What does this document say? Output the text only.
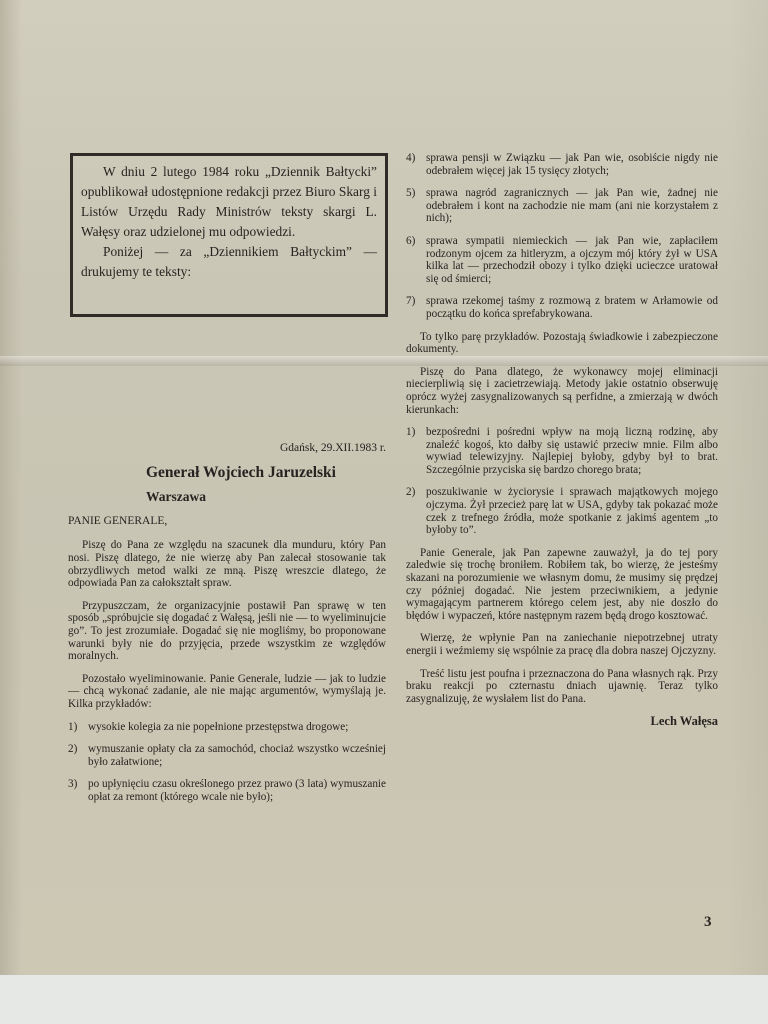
W dniu 2 lutego 1984 roku „Dziennik Bałtycki” opublikował udostępnione redakcji przez Biuro Skarg i Listów Urzędu Rady Ministrów teksty skargi L. Wałęsy oraz udzielonej mu odpowiedzi.

Poniżej — za „Dziennikiem Bałtyckim” — drukujemy te teksty:

Gdańsk, 29.XII.1983 r.

Generał Wojciech Jaruzelski

Warszawa

PANIE GENERALE,

Piszę do Pana ze względu na szacunek dla munduru, który Pan nosi. Piszę dlatego, że nie wierzę aby Pan zalecał stosowanie tak obrzydliwych metod walki ze mną. Piszę wreszcie dlatego, że odpowiada Pan za całokształt spraw.

Przypuszczam, że organizacyjnie postawił Pan sprawę w ten sposób „spróbujcie się dogadać z Wałęsą, jeśli nie — to wyeliminujcie go”. To jest zrozumiałe. Dogadać się nie mogliśmy, bo proponowane warunki były nie do przyjęcia, przede wszystkim ze względów moralnych.

Pozostało wyeliminowanie. Panie Generale, ludzie — jak to ludzie — chcą wykonać zadanie, ale nie mając argumentów, wymyślają je. Kilka przykładów:

1) wysokie kolegia za nie popełnione przestępstwa drogowe;
2) wymuszanie opłaty cła za samochód, chociaż wszystko wcześniej było załatwione;
3) po upłynięciu czasu określonego przez prawo (3 lata) wymuszanie opłat za remont (którego wcale nie było);
4) sprawa pensji w Związku — jak Pan wie, osobiście nigdy nie odebrałem więcej jak 15 tysięcy złotych;
5) sprawa nagród zagranicznych — jak Pan wie, żadnej nie odebrałem i kont na zachodzie nie mam (ani nie korzystałem z nich);
6) sprawa sympatii niemieckich — jak Pan wie, zapłaciłem rodzonym ojcem za hitleryzm, a ojczym mój który żył w USA kilka lat — przechodził obozy i tylko dzięki ucieczce uratował się od śmierci;
7) sprawa rzekomej taśmy z rozmową z bratem w Arłamowie od początku do końca sprefabrykowana.

To tylko parę przykładów. Pozostają świadkowie i zabezpieczone dokumenty.

Piszę do Pana dlatego, że wykonawcy mojej eliminacji niecierpliwią się i zacietrzewiają. Metody jakie ostatnio obserwuję oprócz wyżej zasygnalizowanych są perfidne, a zmierzają w dwóch kierunkach:

1) bezpośredni i pośredni wpływ na moją liczną rodzinę, aby znaleźć kogoś, kto dałby się ustawić przeciw mnie. Film albo wywiad telewizyjny. Najlepiej byłoby, gdyby był to brat. Szczególnie przyciska się bardzo chorego brata;
2) poszukiwanie w życiorysie i sprawach majątkowych mojego ojczyma. Żył przecież parę lat w USA, gdyby tak pokazać może czek z trefnego źródła, może spotkanie z jakimś agentem „to byłoby to”.

Panie Generale, jak Pan zapewne zauważył, ja do tej pory zaledwie się trochę broniłem. Robiłem tak, bo wierzę, że jesteśmy skazani na porozumienie we własnym domu, że musimy się prędzej czy później dogadać. Nie jestem przeciwnikiem, a jedynie wymagającym partnerem którego celem jest, aby nie doszło do błędów i wypaczeń, które następnym razem będą drogo kosztować.

Wierzę, że wpłynie Pan na zaniechanie niepotrzebnej utraty energii i weźmiemy się wspólnie za pracę dla dobra naszej Ojczyzny.

Treść listu jest poufna i przeznaczona do Pana własnych rąk. Przy braku reakcji po czternastu dniach ujawnię. Teraz tylko zasygnalizuję, że wysłałem list do Pana.

Lech Wałęsa

3
